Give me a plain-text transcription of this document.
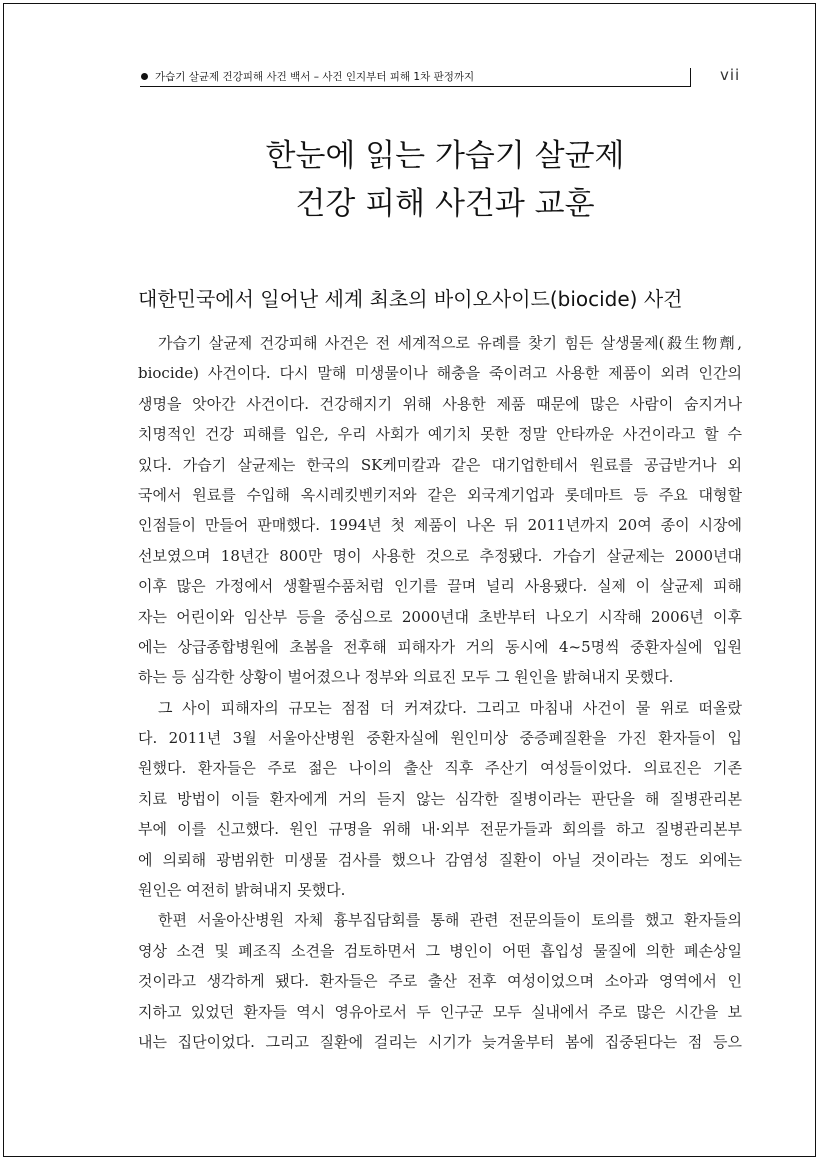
가습기 살균제 건강피해 사건 백서 – 사건 인지부터 피해 1차 판정까지	vii
한눈에 읽는 가습기 살균제
건강 피해 사건과 교훈
대한민국에서 일어난 세계 최초의 바이오사이드(biocide) 사건
가습기 살균제 건강피해 사건은 전 세계적으로 유례를 찾기 힘든 살생물제(殺生物劑,
biocide) 사건이다. 다시 말해 미생물이나 해충을 죽이려고 사용한 제품이 외려 인간의
생명을 앗아간 사건이다. 건강해지기 위해 사용한 제품 때문에 많은 사람이 숨지거나
치명적인 건강 피해를 입은, 우리 사회가 예기치 못한 정말 안타까운 사건이라고 할 수
있다. 가습기 살균제는 한국의 SK케미칼과 같은 대기업한테서 원료를 공급받거나 외
국에서 원료를 수입해 옥시레킷벤키저와 같은 외국계기업과 롯데마트 등 주요 대형할
인점들이 만들어 판매했다. 1994년 첫 제품이 나온 뒤 2011년까지 20여 종이 시장에
선보였으며 18년간 800만 명이 사용한 것으로 추정됐다. 가습기 살균제는 2000년대
이후 많은 가정에서 생활필수품처럼 인기를 끌며 널리 사용됐다. 실제 이 살균제 피해
자는 어린이와 임산부 등을 중심으로 2000년대 초반부터 나오기 시작해 2006년 이후
에는 상급종합병원에 초봄을 전후해 피해자가 거의 동시에 4~5명씩 중환자실에 입원
하는 등 심각한 상황이 벌어졌으나 정부와 의료진 모두 그 원인을 밝혀내지 못했다.
그 사이 피해자의 규모는 점점 더 커져갔다. 그리고 마침내 사건이 물 위로 떠올랐
다. 2011년 3월 서울아산병원 중환자실에 원인미상 중증폐질환을 가진 환자들이 입
원했다. 환자들은 주로 젊은 나이의 출산 직후 주산기 여성들이었다. 의료진은 기존
치료 방법이 이들 환자에게 거의 듣지 않는 심각한 질병이라는 판단을 해 질병관리본
부에 이를 신고했다. 원인 규명을 위해 내·외부 전문가들과 회의를 하고 질병관리본부
에 의뢰해 광범위한 미생물 검사를 했으나 감염성 질환이 아닐 것이라는 정도 외에는
원인은 여전히 밝혀내지 못했다.
한편 서울아산병원 자체 흉부집담회를 통해 관련 전문의들이 토의를 했고 환자들의
영상 소견 및 폐조직 소견을 검토하면서 그 병인이 어떤 흡입성 물질에 의한 폐손상일
것이라고 생각하게 됐다. 환자들은 주로 출산 전후 여성이었으며 소아과 영역에서 인
지하고 있었던 환자들 역시 영유아로서 두 인구군 모두 실내에서 주로 많은 시간을 보
내는 집단이었다. 그리고 질환에 걸리는 시기가 늦겨울부터 봄에 집중된다는 점 등으
